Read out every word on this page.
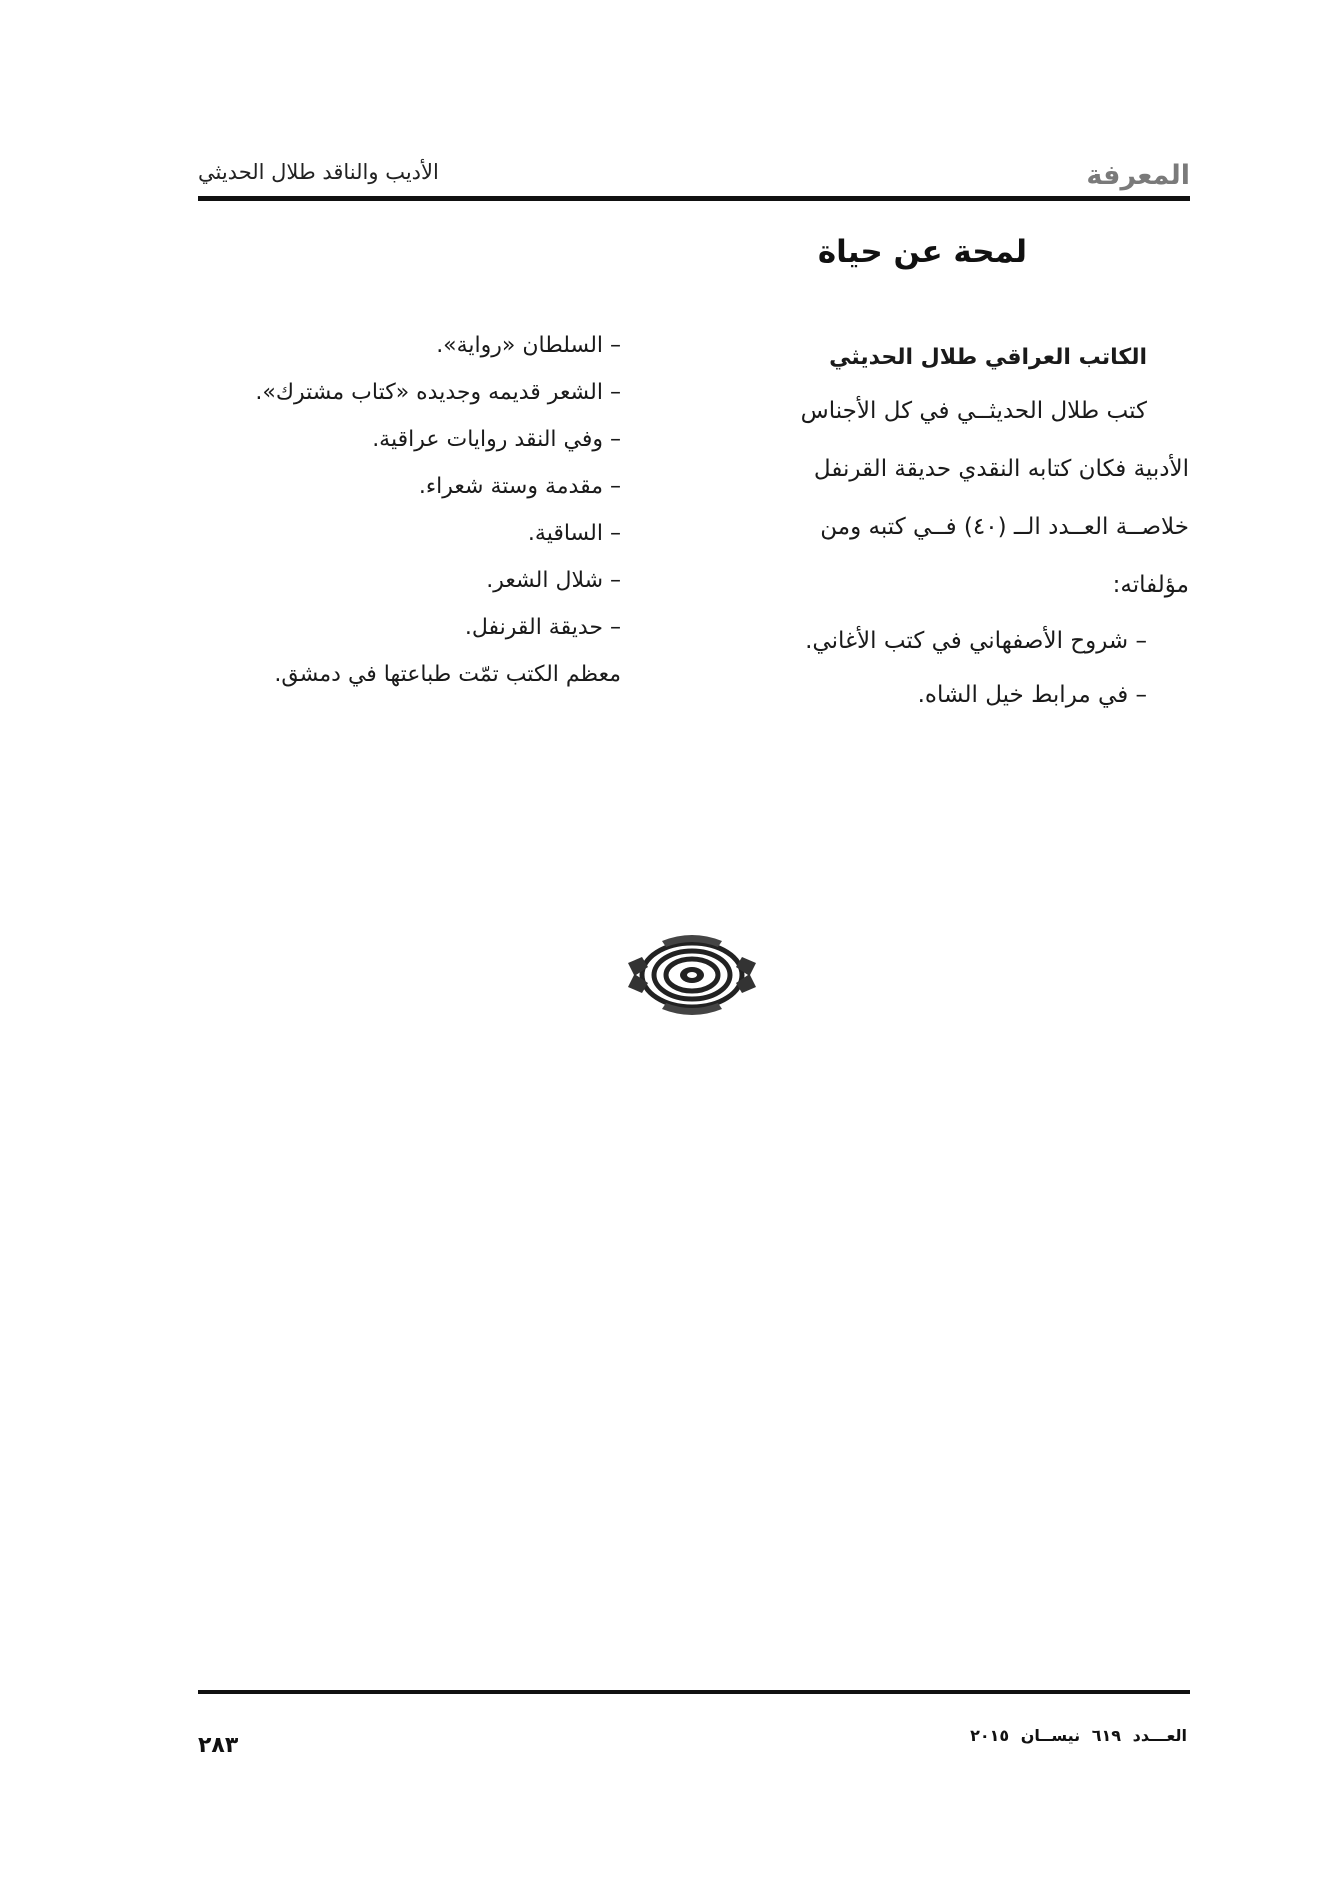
المعرفة
الأديب والناقد طلال الحديثي
لمحة عن حياة
الكاتب العراقي طلال الحديثي
كتب طلال الحديثــي في كل الأجناس
الأدبية فكان كتابه النقدي حديقة القرنفل
خلاصــة العــدد الــ (٤٠) فــي كتبه ومن
مؤلفاته:
– شروح الأصفهاني في كتب الأغاني.
– في مرابط خيل الشاه.
– السلطان «رواية».
– الشعر قديمه وجديده «كتاب مشترك».
– وفي النقد روايات عراقية.
– مقدمة وستة شعراء.
– الساقية.
– شلال الشعر.
– حديقة القرنفل.
معظم الكتب تمّت طباعتها في دمشق.
العـــدد ٦١٩ نيســان ٢٠١٥
٢٨٣
